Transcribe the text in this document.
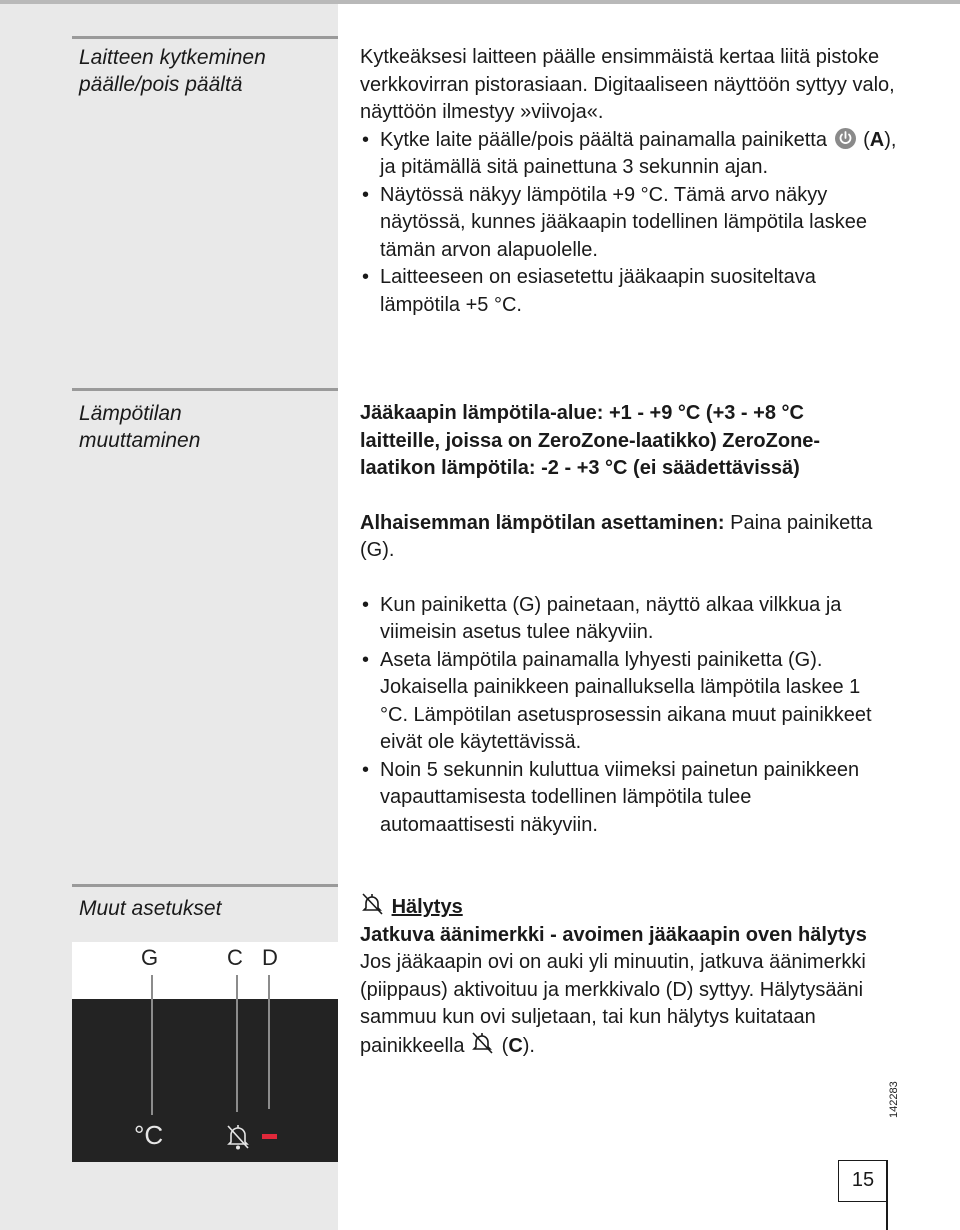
Laitteen kytkeminen
päälle/pois päältä

Kytkeäksesi laitteen päälle ensimmäistä kertaa liitä pistoke verkkovirran pistorasiaan. Digitaaliseen näyttöön syttyy valo, näyttöön ilmestyy »viivoja«.

• Kytke laite päälle/pois päältä painamalla painiketta (A), ja pitämällä sitä painettuna 3 sekunnin ajan.
• Näytössä näkyy lämpötila +9 °C. Tämä arvo näkyy näytössä, kunnes jääkaapin todellinen lämpötila laskee tämän arvon alapuolelle.
• Laitteeseen on esiasetettu jääkaapin suositeltava lämpötila +5 °C.
Lämpötilan
muuttaminen

Jääkaapin lämpötila-alue: +1 - +9 °C (+3 - +8 °C laitteille, joissa on ZeroZone-laatikko) ZeroZone-laatikon lämpötila: -2 - +3 °C (ei säädettävissä)

Alhaisemman lämpötilan asettaminen: Paina painiketta (G).

• Kun painiketta (G) painetaan, näyttö alkaa vilkkua ja viimeisin asetus tulee näkyviin.
• Aseta lämpötila painamalla lyhyesti painiketta (G). Jokaisella painikkeen painalluksella lämpötila laskee 1 °C. Lämpötilan asetusprosessin aikana muut painikkeet eivät ole käytettävissä.
• Noin 5 sekunnin kuluttua viimeksi painetun painikkeen vapauttamisesta todellinen lämpötila tulee automaattisesti näkyviin.
Muut asetukset	Hälytys

Jatkuva äänimerkki - avoimen jääkaapin oven hälytys

Jos jääkaapin ovi on auki yli minuutin, jatkuva äänimerkki (piippaus) aktivoituu ja merkkivalo (D) syttyy. Hälytysääni sammuu kun ovi suljetaan, tai kun hälytys kuitataan painikkeella (C).

G	C D
°C
142283
15
